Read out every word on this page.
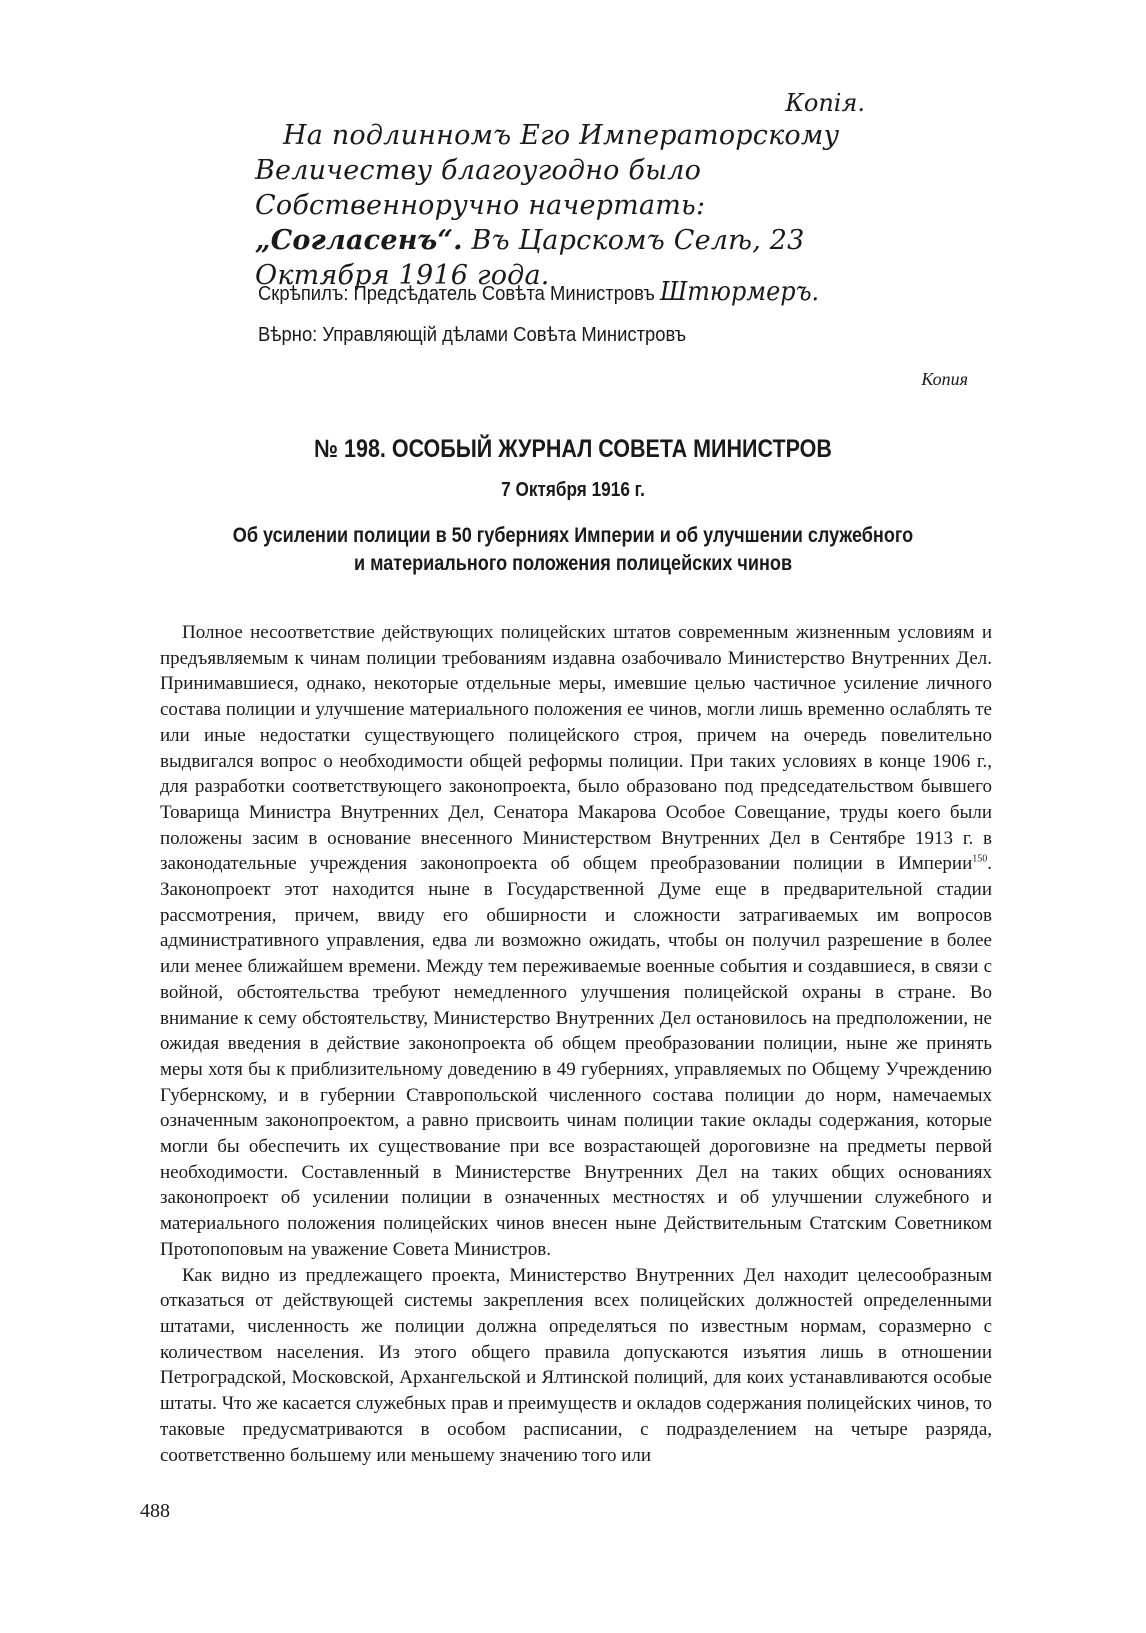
Копія.
На подлинномъ Его Императорскому Величеству благоугодно было Собственноручно начертать: „Согласенъ“. Въ Царскомъ Селѣ, 23 Октября 1916 года.
Скрѣпилъ: Предсѣдатель Совѣта Министровъ Штюрмеръ.
Вѣрно: Управляющій дѣлами Совѣта Министровъ
Копия
№ 198. ОСОБЫЙ ЖУРНАЛ СОВЕТА МИНИСТРОВ
7 Октября 1916 г.
Об усилении полиции в 50 губерниях Империи и об улучшении служебного
и материального положения полицейских чинов

Полное несоответствие действующих полицейских штатов современным жизненным условиям и предъявляемым к чинам полиции требованиям издавна озабочивало Министерство Внутренних Дел. Принимавшиеся, однако, некоторые отдельные меры, имевшие целью частичное усиление личного состава полиции и улучшение материального положения ее чинов, могли лишь временно ослаблять те или иные недостатки существующего полицейского строя, причем на очередь повелительно выдвигался вопрос о необходимости общей реформы полиции. При таких условиях в конце 1906 г., для разработки соответствующего законопроекта, было образовано под председательством бывшего Товарища Министра Внутренних Дел, Сенатора Макарова Особое Совещание, труды коего были положены засим в основание внесенного Министерством Внутренних Дел в Сентябре 1913 г. в законодательные учреждения законопроекта об общем преобразовании полиции в Империи$^{150}$. Законопроект этот находится ныне в Государственной Думе еще в предварительной стадии рассмотрения, причем, ввиду его обширности и сложности затрагиваемых им вопросов административного управления, едва ли возможно ожидать, чтобы он получил разрешение в более или менее ближайшем времени. Между тем переживаемые военные события и создавшиеся, в связи с войной, обстоятельства требуют немедленного улучшения полицейской охраны в стране. Во внимание к сему обстоятельству, Министерство Внутренних Дел остановилось на предположении, не ожидая введения в действие законопроекта об общем преобразовании полиции, ныне же принять меры хотя бы к приблизительному доведению в 49 губерниях, управляемых по Общему Учреждению Губернскому, и в губернии Ставропольской численного состава полиции до норм, намечаемых означенным законопроектом, а равно присвоить чинам полиции такие оклады содержания, которые могли бы обеспечить их существование при все возрастающей дороговизне на предметы первой необходимости. Составленный в Министерстве Внутренних Дел на таких общих основаниях законопроект об усилении полиции в означенных местностях и об улучшении служебного и материального положения полицейских чинов внесен ныне Действительным Статским Советником Протопоповым на уважение Совета Министров.

Как видно из предлежащего проекта, Министерство Внутренних Дел находит целесообразным отказаться от действующей системы закрепления всех полицейских должностей определенными штатами, численность же полиции должна определяться по известным нормам, соразмерно с количеством населения. Из этого общего правила допускаются изъятия лишь в отношении Петроградской, Московской, Архангельской и Ялтинской полиций, для коих устанавливаются особые штаты. Что же касается служебных прав и преимуществ и окладов содержания полицейских чинов, то таковые предусматриваются в особом расписании, с подразделением на четыре разряда, соответственно большему или меньшему значению того или

488
